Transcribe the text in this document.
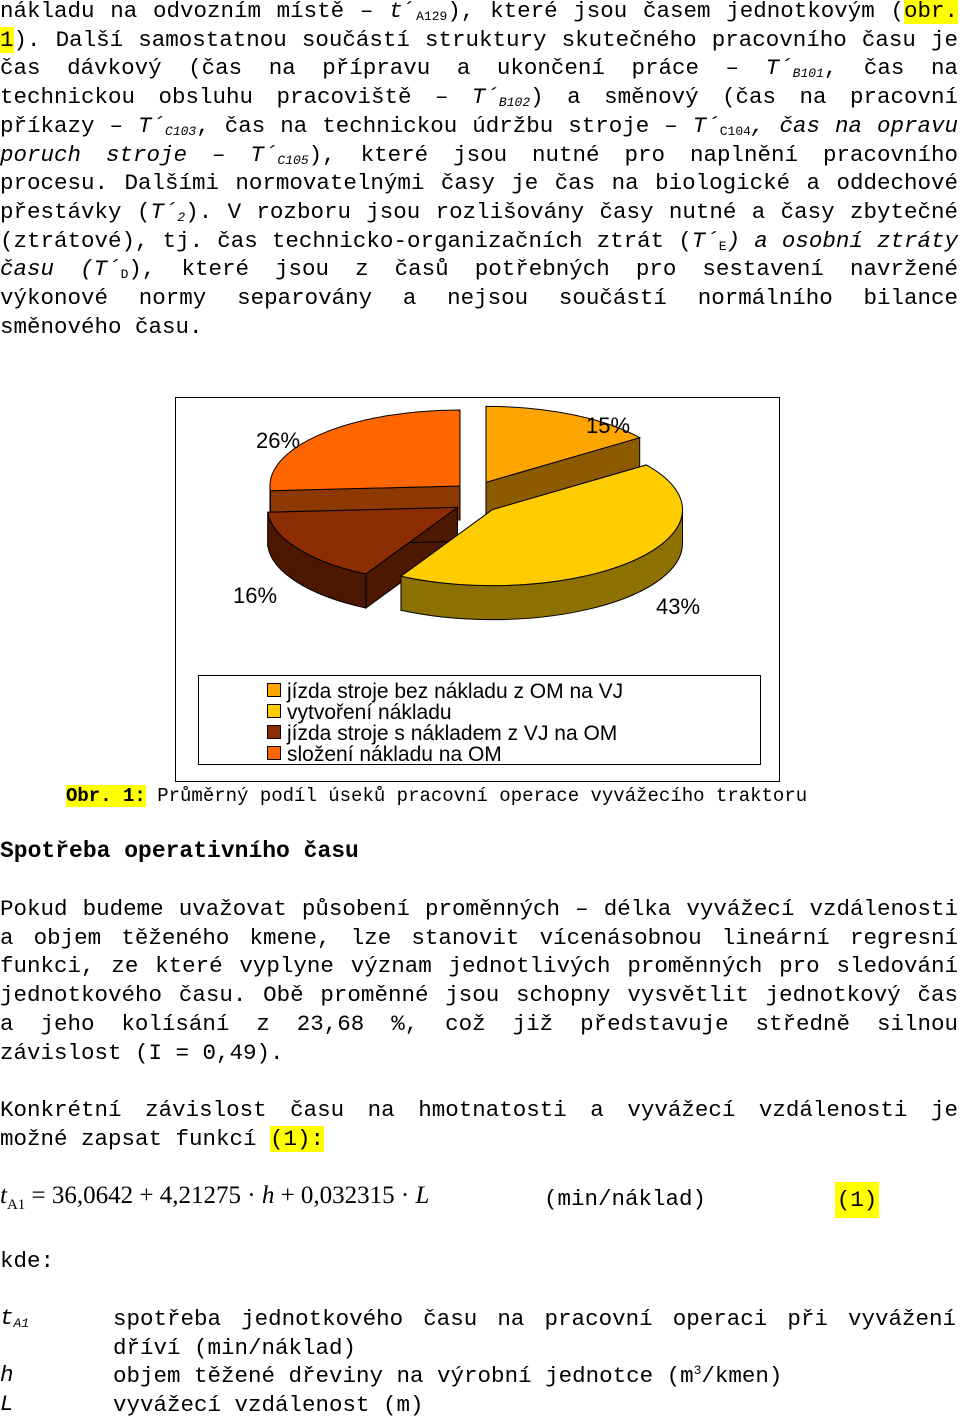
nákladu na odvozním místě – $t´_{A129}$), které jsou časem jednotkovým (obr. 1). Další samostatnou součástí struktury skutečného pracovního času je čas dávkový (čas na přípravu a ukončení práce – $T´_{B101}$, čas na technickou obsluhu pracoviště – $T´_{B102}$) a směnový (čas na pracovní příkazy – $T´_{C103}$, čas na technickou údržbu stroje – $T´_{C104}$, čas na opravu poruch stroje – $T´_{C105}$), které jsou nutné pro naplnění pracovního procesu. Dalšími normovatelnými časy je čas na biologické a oddechové přestávky $(T´_2)$. V rozboru jsou rozlišovány časy nutné a časy zbytečné (ztrátové), tj. čas technicko-organizačních ztrát $(T´_E)$ a osobní ztráty času $(T´_D)$, které jsou z časů potřebných pro sestavení navržené výkonové normy separovány a nejsou součástí normálního bilance směnového času.
15%
43%
16%
26%
jízda stroje bez nákladu z OM na VJ
vytvoření nákladu
jízda stroje s nákladem z VJ na OM
složení nákladu na OM
Obr. 1: Průměrný podíl úseků pracovní operace vyvážecího traktoru
Spotřeba operativního času
Pokud budeme uvažovat působení proměnných – délka vyvážecí vzdálenosti a objem těženého kmene, lze stanovit vícenásobnou lineární regresní funkci, ze které vyplyne význam jednotlivých proměnných pro sledování jednotkového času. Obě proměnné jsou schopny vysvětlit jednotkový čas a jeho kolísání z 23,68 %, což již představuje středně silnou závislost (I = 0,49).
Konkrétní závislost času na hmotnatosti a vyvážecí vzdálenosti je možné zapsat funkcí (1):
$t_{A1} = 36,0642 + 4,21275 \cdot h + 0,032315 \cdot L$	(min/náklad)	(1)
kde:
$t_{A1}$	spotřeba jednotkového času na pracovní operaci při vyvážení dříví (min/náklad)
h	objem těžené dřeviny na výrobní jednotce $(m^3/kmen)$
L	vyvážecí vzdálenost (m)
